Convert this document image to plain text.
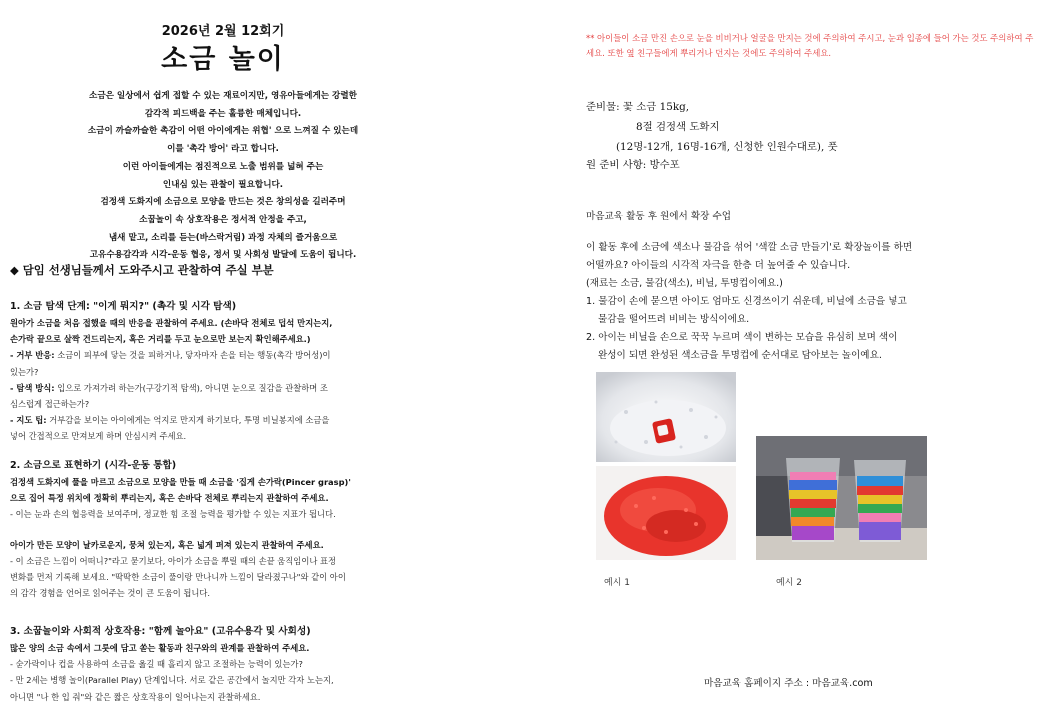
2026년 2월 12회기
소금 놀이
소금은 일상에서 쉽게 접할 수 있는 재료이지만, 영유아들에게는 강렬한
감각적 피드백을 주는 훌륭한 매체입니다.
소금이 까슬까슬한 촉감이 어떤 아이에게는 위협' 으로 느껴질 수 있는데
이를 '촉각 방어' 라고 합니다.
이런 아이들에게는 점진적으로 노출 범위를 넓혀 주는
인내심 있는 관찰이 필요합니다.
검정색 도화지에 소금으로 모양을 만드는 것은 창의성을 길러주며
소꿉놀이 속 상호작용은 정서적 안정을 주고,
냄새 맡고, 소리를 듣는(바스락거림) 과정 자체의 즐거움으로
고유수용감각과 시각-운동 협응, 정서 및 사회성 발달에 도움이 됩니다.
◆ 담임 선생님들께서 도와주시고 관찰하여 주실 부분
1. 소금 탐색 단계: "이게 뭐지?" (촉각 및 시각 탐색)
원아가 소금을 처음 접했을 때의 반응을 관찰하여 주세요. (손바닥 전체로 덥석 만지는지,
손가락 끝으로 살짝 건드리는지, 혹은 거리를 두고 눈으로만 보는지 확인해주세요.)
- 거부 반응: 소금이 피부에 닿는 것을 피하거나, 닿자마자 손을 터는 행동(촉각 방어성)이
있는가?
- 탐색 방식: 입으로 가져가려 하는가(구강기적 탐색), 아니면 눈으로 질감을 관찰하며 조
심스럽게 접근하는가?
- 지도 팁: 거부감을 보이는 아이에게는 억지로 만지게 하기보다, 투명 비닐봉지에 소금을
넣어 간접적으로 만져보게 하며 안심시켜 주세요.
2. 소금으로 표현하기 (시각-운동 통합)
검정색 도화지에 풀을 마르고 소금으로 모양을 만들 때 소금을 '집게 손가락(Pincer grasp)'
으로 집어 특정 위치에 정확히 뿌리는지, 혹은 손바닥 전체로 뿌리는지 관찰하여 주세요.
- 이는 눈과 손의 협응력을 보여주며, 정교한 힘 조절 능력을 평가할 수 있는 지표가 됩니다.
아이가 만든 모양이 날카로운지, 뭉쳐 있는지, 혹은 넓게 퍼져 있는지 관찰하여 주세요.
- 이 소금은 느낌이 어떠니?"라고 묻기보다, 아이가 소금을 뿌릴 때의 손끝 움직임이나 표정
변화를 먼저 기록해 보세요. "딱딱한 소금이 풀이랑 만나니까 느낌이 달라졌구나"와 같이 아이
의 감각 경험을 언어로 읽어주는 것이 큰 도움이 됩니다.
3. 소꿉놀이와 사회적 상호작용: "함께 놀아요" (고유수용각 및 사회성)
많은 양의 소금 속에서 그릇에 담고 쏟는 활동과 친구와의 관계를 관찰하여 주세요.
- 숟가락이나 컵을 사용하여 소금을 옮길 때 흘리지 않고 조절하는 능력이 있는가?
- 만 2세는 병행 놀이(Parallel Play) 단계입니다. 서로 같은 공간에서 놀지만 각자 노는지,
아니면 "나 한 입 줘"와 같은 짧은 상호작용이 일어나는지 관찰하세요.
** 아이들이 소금 만진 손으로 눈을 비비거나 얼굴을 만지는 것에 주의하여 주시고, 눈과 입종에 들어 가는 것도 주의하여 주세요. 또한 옆 친구들에게 뿌리거나 던지는 것에도 주의하여 주세요.
준비물: 꽃 소금 15kg,
8절 검정색 도화지
(12명-12개, 16명-16개, 신청한 인원수대로), 풋
원 준비 사항: 방수포
마음교육 활동 후 원에서 확장 수업
이 활동 후에 소금에 색소나 물감을 섞어 '색깔 소금 만들기'로 확장놀이를 하면
어떨까요? 아이들의 시각적 자극을 한층 더 높여줄 수 있습니다.
(재료는 소금, 물감(색소), 비닐, 투명컵이예요.)
1. 물감이 손에 묻으면 아이도 엄마도 신경쓰이기 쉬운데, 비닐에 소금을 넣고
물감을 떨어뜨려 비비는 방식이에요.
2. 아이는 비닐을 손으로 꾹꾹 누르며 색이 변하는 모습을 유심히 보며 색이
완성이 되면 완성된 색소금을 투명컵에 순서대로 담아보는 놀이예요.
예시 1	예시 2
마음교육 홈페이지 주소 : 마음교육.com
